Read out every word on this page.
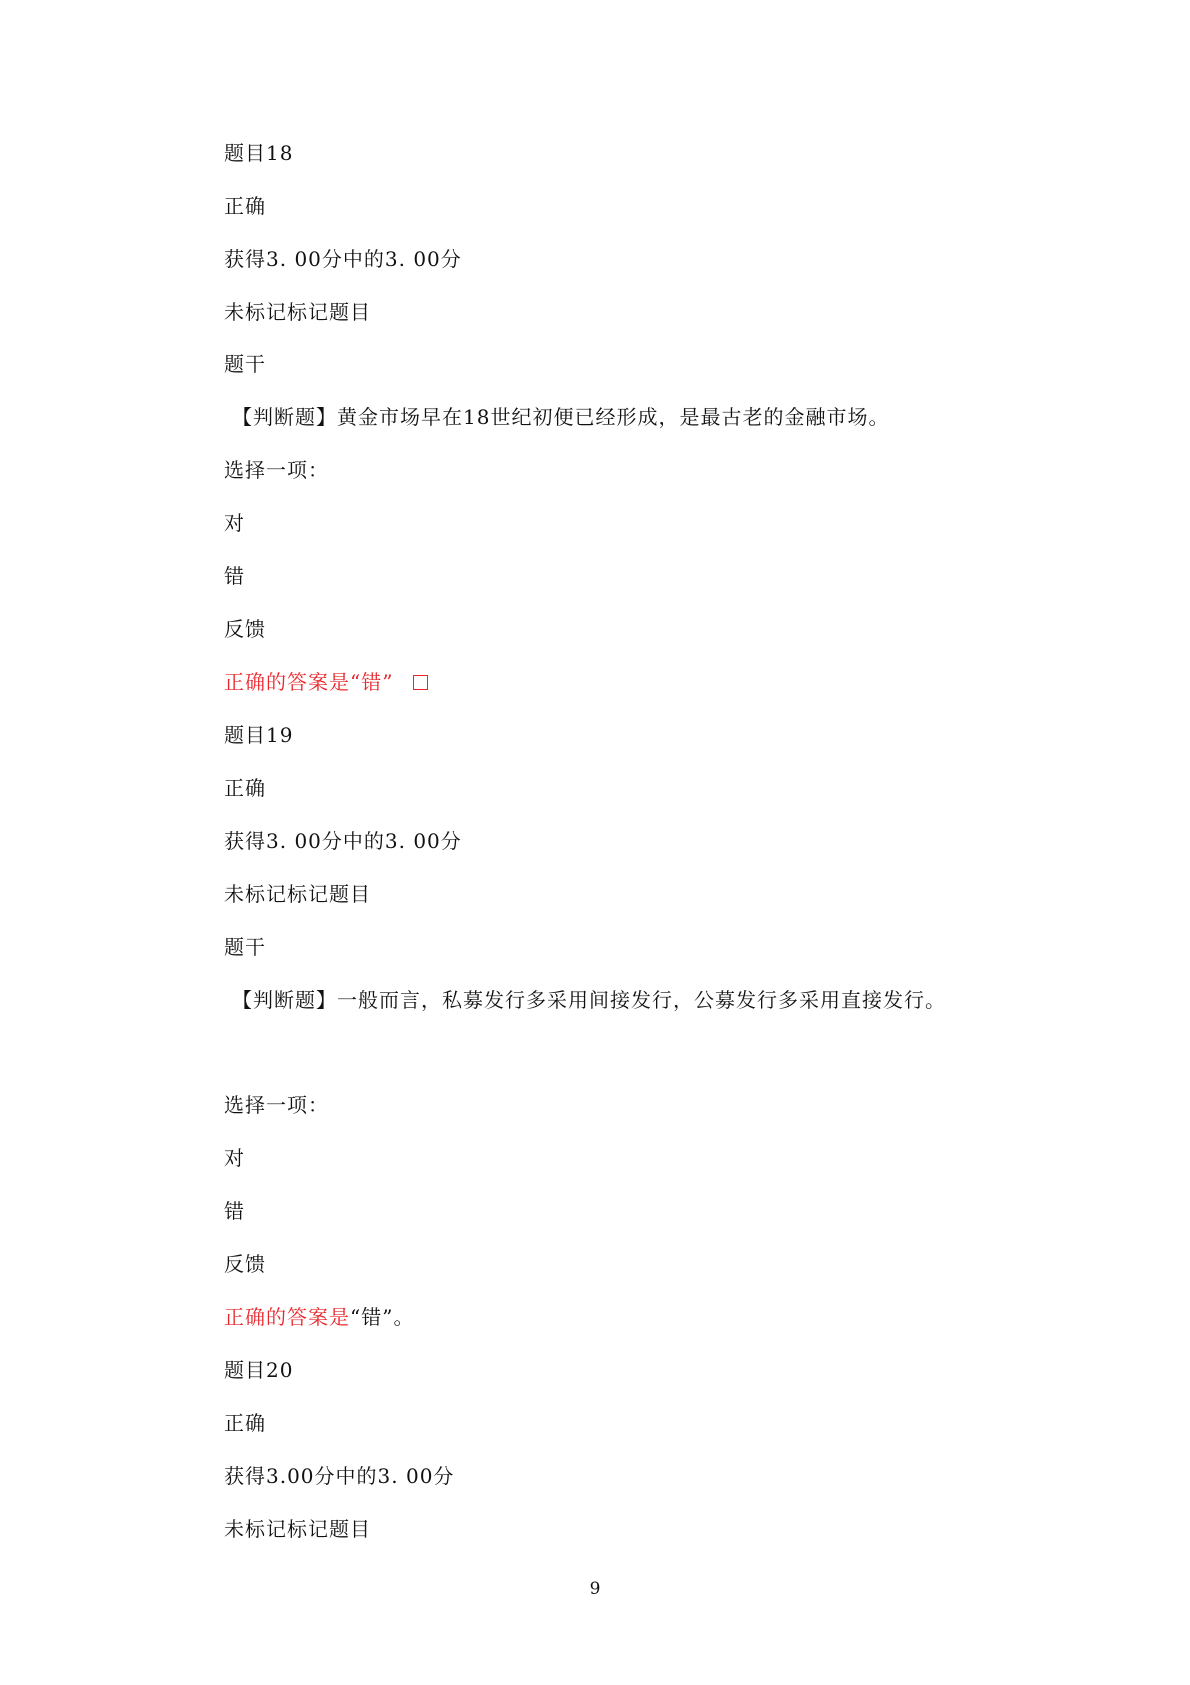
题目18
正确
获得3. 00分中的3. 00分
未标记标记题目
题干
【判断题】黄金市场早在18世纪初便已经形成，是最古老的金融市场。
选择一项：
对
错
反馈
正确的答案是“错”
题目19
正确
获得3. 00分中的3. 00分
未标记标记题目
题干
【判断题】一般而言，私募发行多采用间接发行，公募发行多采用直接发行。
选择一项：
对
错
反馈
正确的答案是“错”。
题目20
正确
获得3.00分中的3. 00分
未标记标记题目
9
